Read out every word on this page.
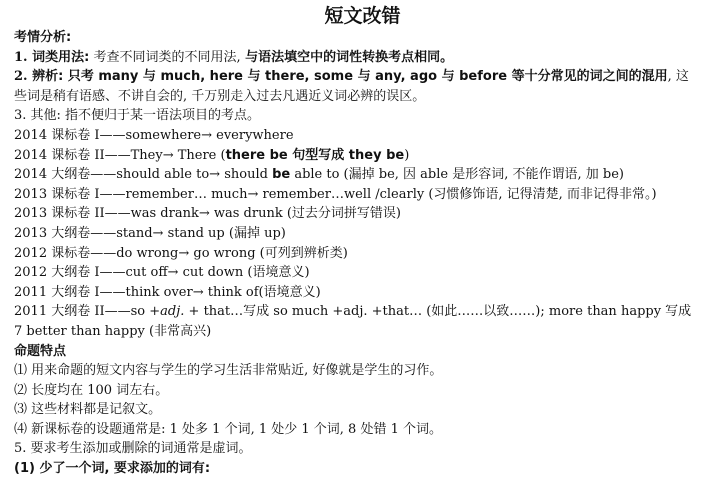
短文改错
考情分析:
1. 词类用法: 考查不同词类的不同用法, 与语法填空中的词性转换考点相同。
2. 辨析: 只考 many 与 much, here 与 there, some 与 any, ago 与 before 等十分常见的词之间的混用, 这
些词是稍有语感、不讲自会的, 千万别走入过去凡遇近义词必辨的误区。
3. 其他: 指不便归于某一语法项目的考点。
2014 课标卷 I——somewhere→ everywhere
2014 课标卷 II——They→ There (there be 句型写成 they be)
2014 大纲卷——should able to→ should be able to (漏掉 be, 因 able 是形容词, 不能作谓语, 加 be)
2013 课标卷 I——remember… much→ remember…well /clearly (习惯修饰语, 记得清楚, 而非记得非常。)
2013 课标卷 II——was drank→ was drunk (过去分词拼写错误)
2013 大纲卷——stand→ stand up (漏掉 up)
2012 课标卷——do wrong→ go wrong (可列到辨析类)
2012 大纲卷 I——cut off→ cut down (语境意义)
2011 大纲卷 I——think over→ think of(语境意义)
2011 大纲卷 II——so +adj. + that…写成 so much +adj. +that… (如此……以致……); more than happy 写成
7 better than happy (非常高兴)
命题特点
⑴ 用来命题的短文内容与学生的学习生活非常贴近, 好像就是学生的习作。
⑵ 长度均在 100 词左右。
⑶ 这些材料都是记叙文。
⑷ 新课标卷的设题通常是: 1 处多 1 个词, 1 处少 1 个词, 8 处错 1 个词。
5. 要求考生添加或删除的词通常是虚词。
(1) 少了一个词, 要求添加的词有:
